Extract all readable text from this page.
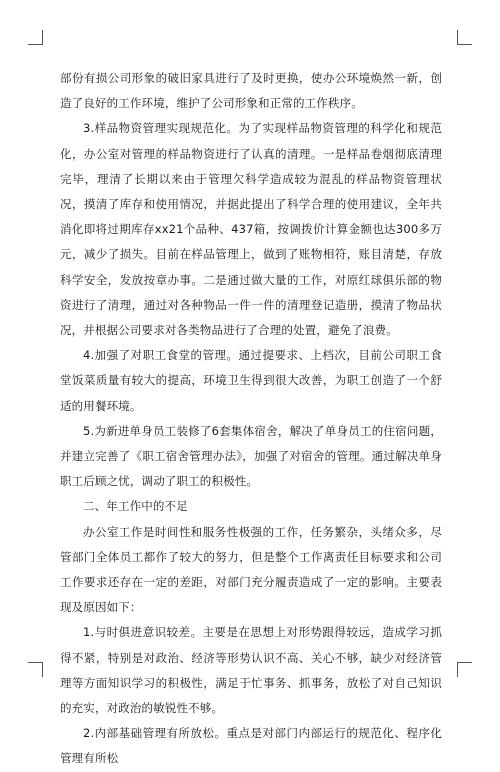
部份有损公司形象的破旧家具进行了及时更换，使办公环境焕然一新，创造了良好的工作环境，维护了公司形象和正常的工作秩序。

3.样品物资管理实现规范化。为了实现样品物资管理的科学化和规范化，办公室对管理的样品物资进行了认真的清理。一是样品卷烟彻底清理完毕，理清了长期以来由于管理欠科学造成较为混乱的样品物资管理状况，摸清了库存和使用情况，并据此提出了科学合理的使用建议，全年共消化即将过期库存xx21个品种、437箱，按调拨价计算金额也达300多万元，减少了损失。目前在样品管理上，做到了账物相符，账目清楚，存放科学安全，发放按章办事。二是通过做大量的工作，对原红球俱乐部的物资进行了清理，通过对各种物品一件一件的清理登记造册，摸清了物品状况，并根据公司要求对各类物品进行了合理的处置，避免了浪费。

4.加强了对职工食堂的管理。通过提要求、上档次，目前公司职工食堂饭菜质量有较大的提高，环境卫生得到很大改善，为职工创造了一个舒适的用餐环境。

5.为新进单身员工装修了6套集体宿舍，解决了单身员工的住宿问题，并建立完善了《职工宿舍管理办法》，加强了对宿舍的管理。通过解决单身职工后顾之忧，调动了职工的积极性。

二、年工作中的不足

办公室工作是时间性和服务性极强的工作，任务繁杂，头绪众多，尽管部门全体员工都作了较大的努力，但是整个工作离责任目标要求和公司工作要求还存在一定的差距，对部门充分履责造成了一定的影响。主要表现及原因如下：

1.与时俱进意识较差。主要是在思想上对形势跟得较远，造成学习抓得不紧，特别是对政治、经济等形势认识不高、关心不够，缺少对经济管理等方面知识学习的积极性，满足于忙事务、抓事务，放松了对自己知识的充实，对政治的敏锐性不够。

2.内部基础管理有所放松。重点是对部门内部运行的规范化、程序化管理有所松
